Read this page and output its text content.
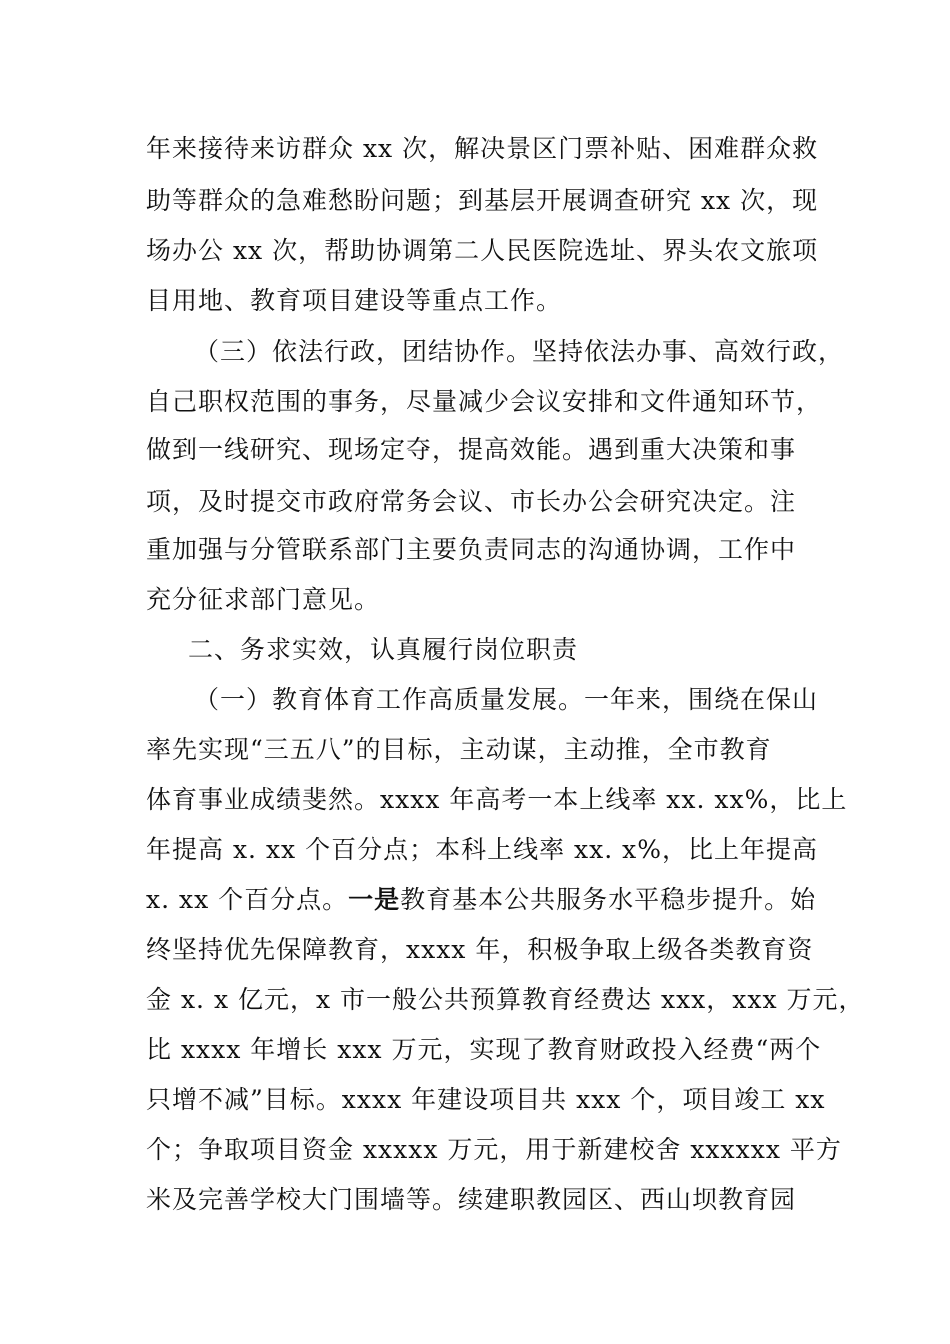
年来接待来访群众 xx 次，解决景区门票补贴、困难群众救
助等群众的急难愁盼问题；到基层开展调查研究 xx 次，现
场办公 xx 次，帮助协调第二人民医院选址、界头农文旅项
目用地、教育项目建设等重点工作。
（三）依法行政，团结协作。坚持依法办事、高效行政，
自己职权范围的事务，尽量减少会议安排和文件通知环节，
做到一线研究、现场定夺，提高效能。遇到重大决策和事
项，及时提交市政府常务会议、市长办公会研究决定。注
重加强与分管联系部门主要负责同志的沟通协调，工作中
充分征求部门意见。
二、务求实效，认真履行岗位职责
（一）教育体育工作高质量发展。一年来，围绕在保山
率先实现“三五八”的目标，主动谋，主动推，全市教育
体育事业成绩斐然。xxxx 年高考一本上线率 xx. xx%，比上
年提高 x. xx 个百分点；本科上线率 xx. x%，比上年提高
x. xx 个百分点。一是教育基本公共服务水平稳步提升。始
终坚持优先保障教育，xxxx 年，积极争取上级各类教育资
金 x. x 亿元，x 市一般公共预算教育经费达 xxx，xxx 万元，
比 xxxx 年增长 xxx 万元，实现了教育财政投入经费“两个
只增不减”目标。xxxx 年建设项目共 xxx 个，项目竣工 xx
个；争取项目资金 xxxxx 万元，用于新建校舍 xxxxxx 平方
米及完善学校大门围墙等。续建职教园区、西山坝教育园
